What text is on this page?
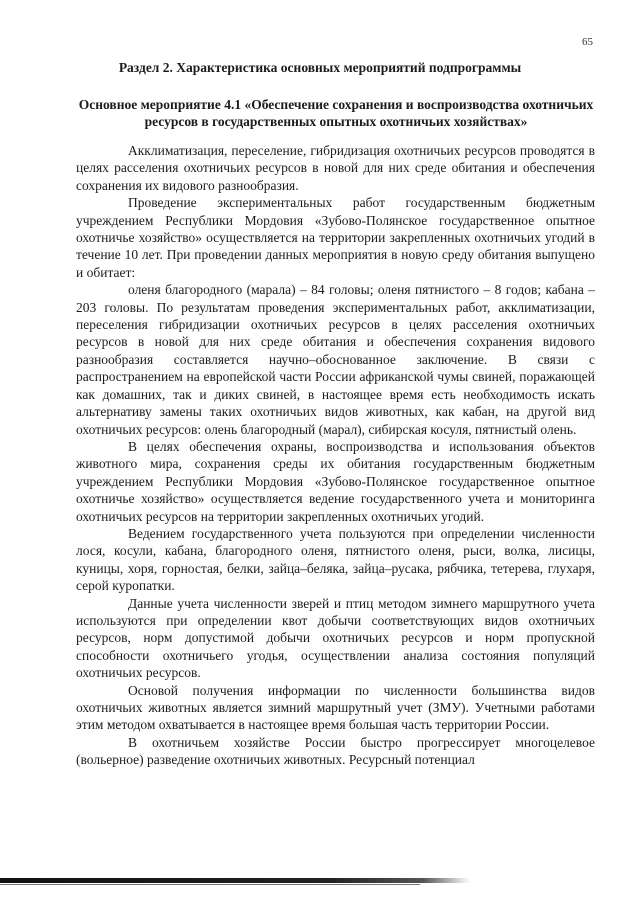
65
Раздел 2. Характеристика основных мероприятий подпрограммы
Основное мероприятие 4.1 «Обеспечение сохранения и воспроизводства охотничьих ресурсов в государственных опытных охотничьих хозяйствах»

Акклиматизация, переселение, гибридизация охотничьих ресурсов проводятся в целях расселения охотничьих ресурсов в новой для них среде обитания и обеспечения сохранения их видового разнообразия.

Проведение экспериментальных работ государственным бюджетным учреждением Республики Мордовия «Зубово-Полянское государственное опытное охотничье хозяйство» осуществляется на территории закрепленных охотничьих угодий в течение 10 лет. При проведении данных мероприятия в новую среду обитания выпущено и обитает:

оленя благородного (марала) – 84 головы; оленя пятнистого – 8 годов; кабана – 203 головы. По результатам проведения экспериментальных работ, акклиматизации, переселения гибридизации охотничьих ресурсов в целях расселения охотничьих ресурсов в новой для них среде обитания и обеспечения сохранения видового разнообразия составляется научно–обоснованное заключение. В связи с распространением на европейской части России африканской чумы свиней, поражающей как домашних, так и диких свиней, в настоящее время есть необходимость искать альтернативу замены таких охотничьих видов животных, как кабан, на другой вид охотничьих ресурсов: олень благородный (марал), сибирская косуля, пятнистый олень.

В целях обеспечения охраны, воспроизводства и использования объектов животного мира, сохранения среды их обитания государственным бюджетным учреждением Республики Мордовия «Зубово-Полянское государственное опытное охотничье хозяйство» осуществляется ведение государственного учета и мониторинга охотничьих ресурсов на территории закрепленных охотничьих угодий.

Ведением государственного учета пользуются при определении численности лося, косули, кабана, благородного оленя, пятнистого оленя, рыси, волка, лисицы, куницы, хоря, горностая, белки, зайца–беляка, зайца–русака, рябчика, тетерева, глухаря, серой куропатки.

Данные учета численности зверей и птиц методом зимнего маршрутного учета используются при определении квот добычи соответствующих видов охотничьих ресурсов, норм допустимой добычи охотничьих ресурсов и норм пропускной способности охотничьего угодья, осуществлении анализа состояния популяций охотничьих ресурсов.

Основой получения информации по численности большинства видов охотничьих животных является зимний маршрутный учет (ЗМУ). Учетными работами этим методом охватывается в настоящее время большая часть территории России.

В охотничьем хозяйстве России быстро прогрессирует многоцелевое (вольерное) разведение охотничьих животных. Ресурсный потенциал
